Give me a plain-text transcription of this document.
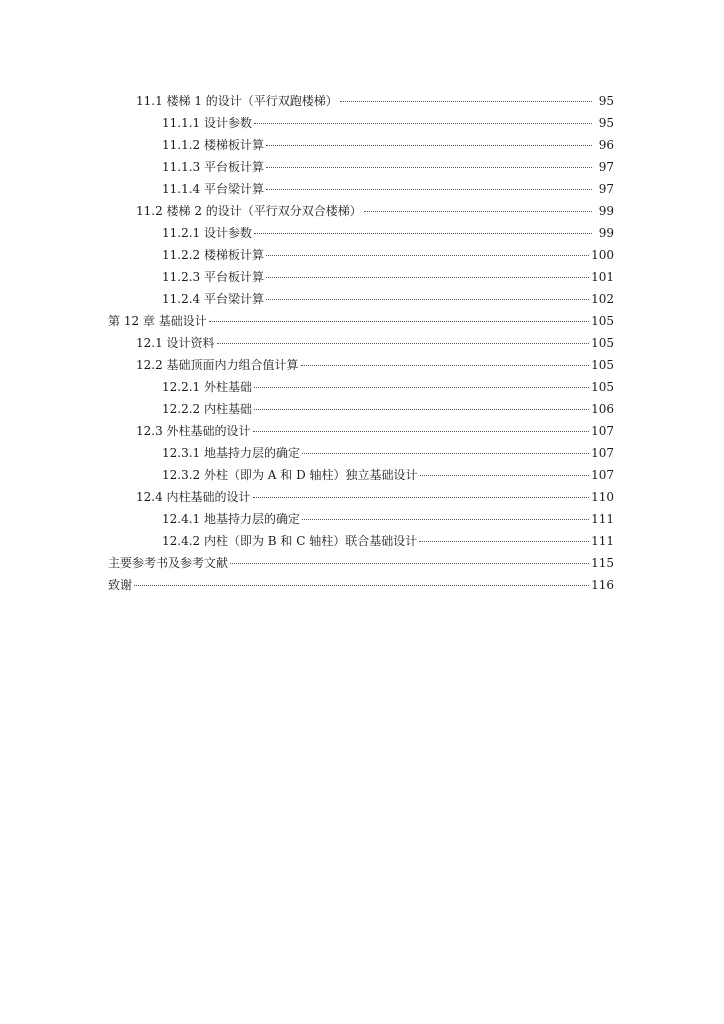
11.1 楼梯 1 的设计（平行双跑楼梯）	95
11.1.1 设计参数	95
11.1.2 楼梯板计算	96
11.1.3 平台板计算	97
11.1.4 平台梁计算	97
11.2 楼梯 2 的设计（平行双分双合楼梯）	99
11.2.1 设计参数	99
11.2.2 楼梯板计算	100
11.2.3 平台板计算	101
11.2.4 平台梁计算	102
第 12 章 基础设计	105
12.1 设计资料	105
12.2 基础顶面内力组合值计算	105
12.2.1 外柱基础	105
12.2.2 内柱基础	106
12.3 外柱基础的设计	107
12.3.1 地基持力层的确定	107
12.3.2 外柱（即为 A 和 D 轴柱）独立基础设计	107
12.4 内柱基础的设计	110
12.4.1 地基持力层的确定	111
12.4.2 内柱（即为 B 和 C 轴柱）联合基础设计	111
主要参考书及参考文献	115
致谢	116
